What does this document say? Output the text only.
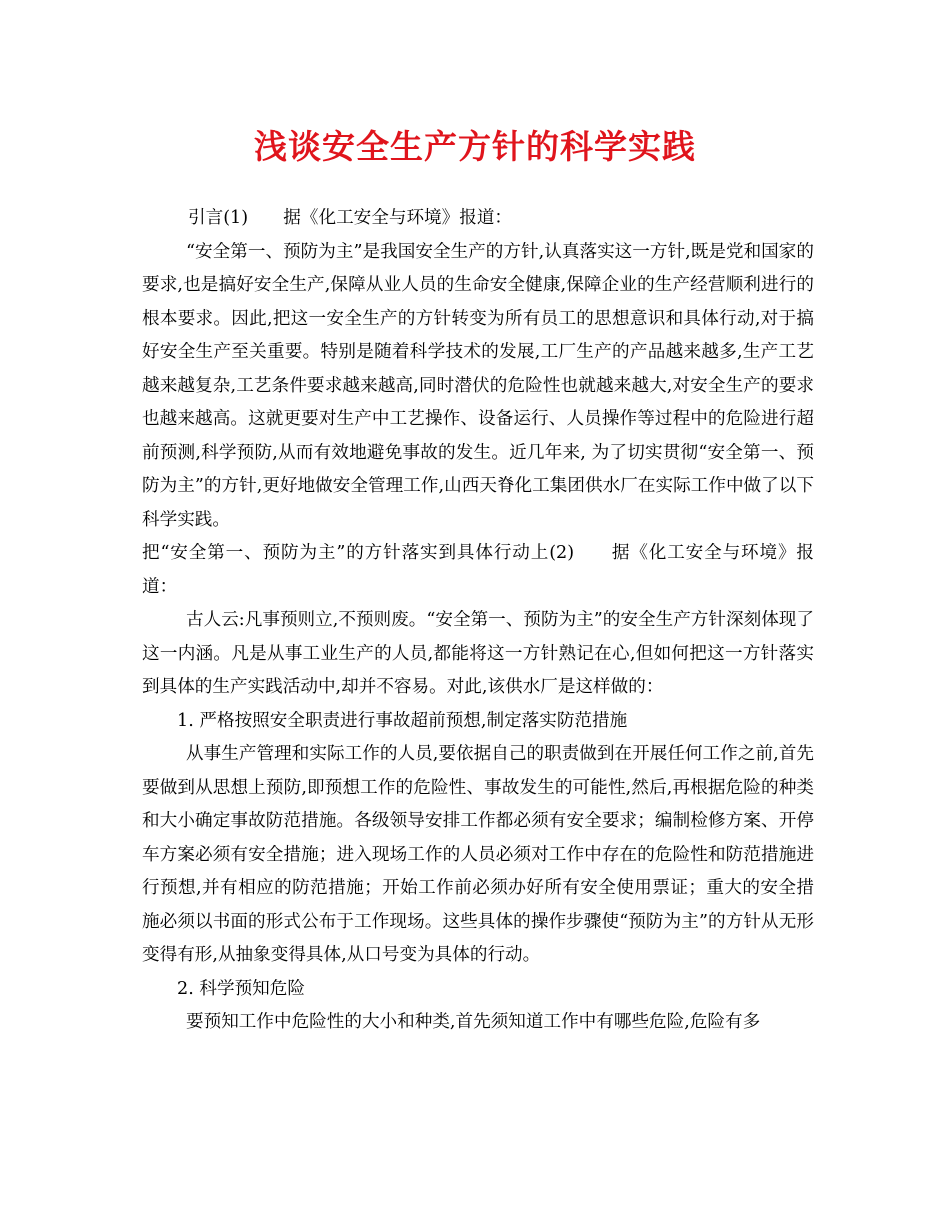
浅谈安全生产方针的科学实践

引言(1)　　据《化工安全与环境》报道：

“安全第一、预防为主”是我国安全生产的方针,认真落实这一方针,既是党和国家的要求,也是搞好安全生产,保障从业人员的生命安全健康,保障企业的生产经营顺利进行的根本要求。因此,把这一安全生产的方针转变为所有员工的思想意识和具体行动,对于搞好安全生产至关重要。特别是随着科学技术的发展,工厂生产的产品越来越多,生产工艺越来越复杂,工艺条件要求越来越高,同时潜伏的危险性也就越来越大,对安全生产的要求也越来越高。这就更要对生产中工艺操作、设备运行、人员操作等过程中的危险进行超前预测,科学预防,从而有效地避免事故的发生。近几年来, 为了切实贯彻“安全第一、预防为主”的方针,更好地做安全管理工作,山西天脊化工集团供水厂在实际工作中做了以下科学实践。

把“安全第一、预防为主”的方针落实到具体行动上(2)　　据《化工安全与环境》报道：

古人云:凡事预则立,不预则废。“安全第一、预防为主”的安全生产方针深刻体现了这一内涵。凡是从事工业生产的人员,都能将这一方针熟记在心,但如何把这一方针落实到具体的生产实践活动中,却并不容易。对此,该供水厂是这样做的：

1. 严格按照安全职责进行事故超前预想,制定落实防范措施

从事生产管理和实际工作的人员,要依据自己的职责做到在开展任何工作之前,首先要做到从思想上预防,即预想工作的危险性、事故发生的可能性,然后,再根据危险的种类和大小确定事故防范措施。各级领导安排工作都必须有安全要求；编制检修方案、开停车方案必须有安全措施；进入现场工作的人员必须对工作中存在的危险性和防范措施进行预想,并有相应的防范措施；开始工作前必须办好所有安全使用票证；重大的安全措施必须以书面的形式公布于工作现场。这些具体的操作步骤使“预防为主”的方针从无形变得有形,从抽象变得具体,从口号变为具体的行动。

2. 科学预知危险

要预知工作中危险性的大小和种类,首先须知道工作中有哪些危险,危险有多
